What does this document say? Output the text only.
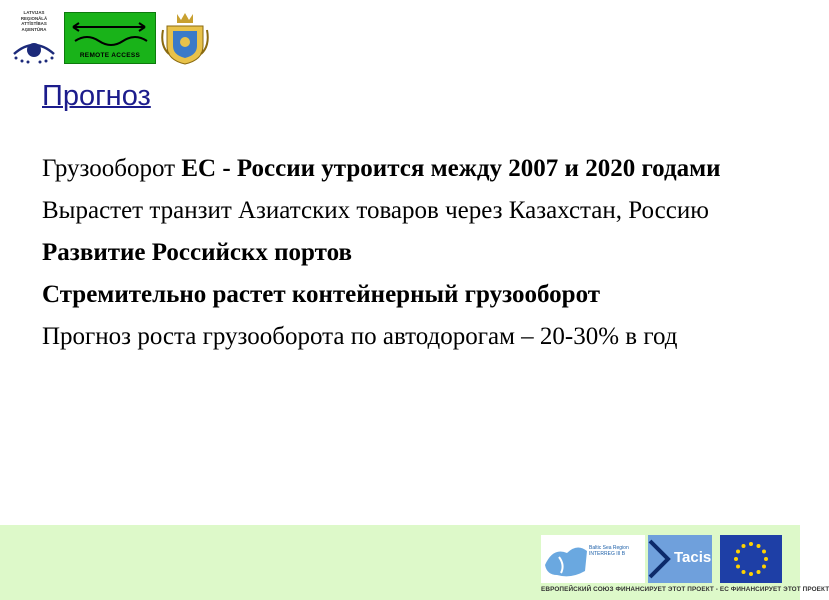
LATVIJAS
REĢIONĀLĀ
ATTĪSTĪBAS
AĢENTŪRA
REMOTE ACCESS
Прогноз
Грузооборот ЕС - России утроится между 2007 и 2020 годами
Вырастет транзит Азиатских товаров через Казахстан, Россию
Развитие Российскх портов
Стремительно растет контейнерный грузооборот
Прогноз роста грузооборота по автодорогам – 20-30% в год
Baltic Sea Region
INTERREG III B	Tacis
ЕВРОПЕЙСКИЙ СОЮЗ ФИНАНСИРУЕТ ЭТОТ ПРОЕКТ - ЕС ФИНАНСИРУЕТ ЭТОТ ПРОЕКТ
